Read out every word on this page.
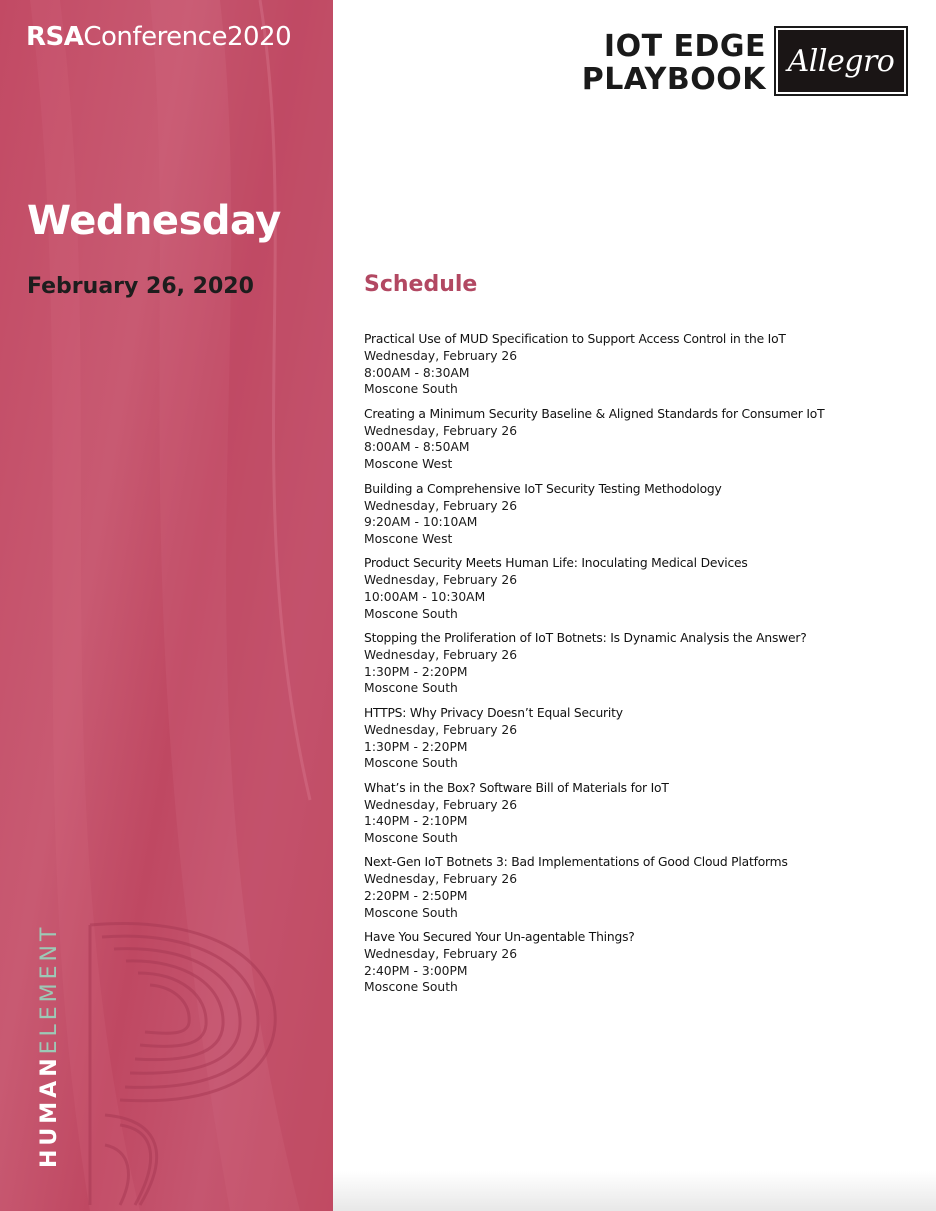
RSAConference2020
Wednesday
February 26, 2020
HUMANELEMENT
IOT EDGE
PLAYBOOK
Allegro
Schedule
Practical Use of MUD Specification to Support Access Control in the IoT
Wednesday, February 26
8:00AM - 8:30AM
Moscone South
Creating a Minimum Security Baseline & Aligned Standards for Consumer IoT
Wednesday, February 26
8:00AM - 8:50AM
Moscone West
Building a Comprehensive IoT Security Testing Methodology
Wednesday, February 26
9:20AM - 10:10AM
Moscone West
Product Security Meets Human Life: Inoculating Medical Devices
Wednesday, February 26
10:00AM - 10:30AM
Moscone South
Stopping the Proliferation of IoT Botnets: Is Dynamic Analysis the Answer?
Wednesday, February 26
1:30PM - 2:20PM
Moscone South
HTTPS: Why Privacy Doesn’t Equal Security
Wednesday, February 26
1:30PM - 2:20PM
Moscone South
What’s in the Box? Software Bill of Materials for IoT
Wednesday, February 26
1:40PM - 2:10PM
Moscone South
Next-Gen IoT Botnets 3: Bad Implementations of Good Cloud Platforms
Wednesday, February 26
2:20PM - 2:50PM
Moscone South
Have You Secured Your Un-agentable Things?
Wednesday, February 26
2:40PM - 3:00PM
Moscone South
